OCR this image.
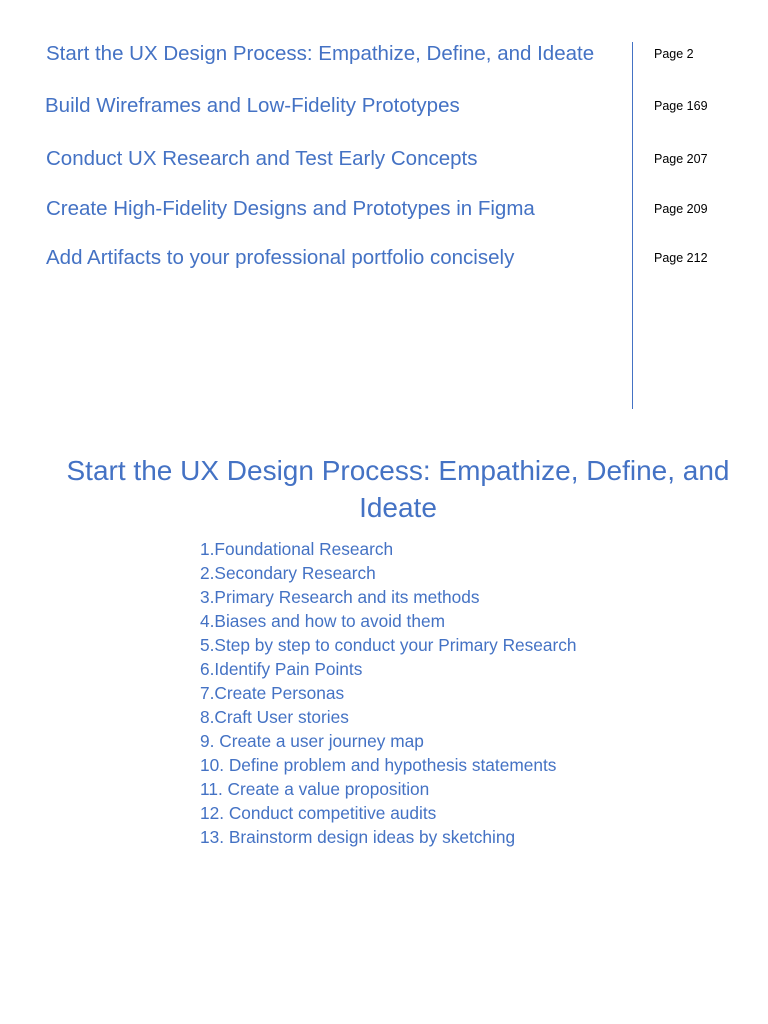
Start the UX Design Process: Empathize, Define, and Ideate	Page 2
Build Wireframes and Low-Fidelity Prototypes	Page 169
Conduct UX Research and Test Early Concepts	Page 207
Create High-Fidelity Designs and Prototypes in Figma	Page 209
Add Artifacts to your professional portfolio concisely	Page 212
Start the UX Design Process: Empathize, Define, and Ideate
1.Foundational Research
2.Secondary Research
3.Primary Research and its methods
4.Biases and how to avoid them
5.Step by step to conduct your Primary Research
6.Identify Pain Points
7.Create Personas
8.Craft User stories
9. Create a user journey map
10. Define problem and hypothesis statements
11. Create a value proposition
12. Conduct competitive audits
13. Brainstorm design ideas by sketching
